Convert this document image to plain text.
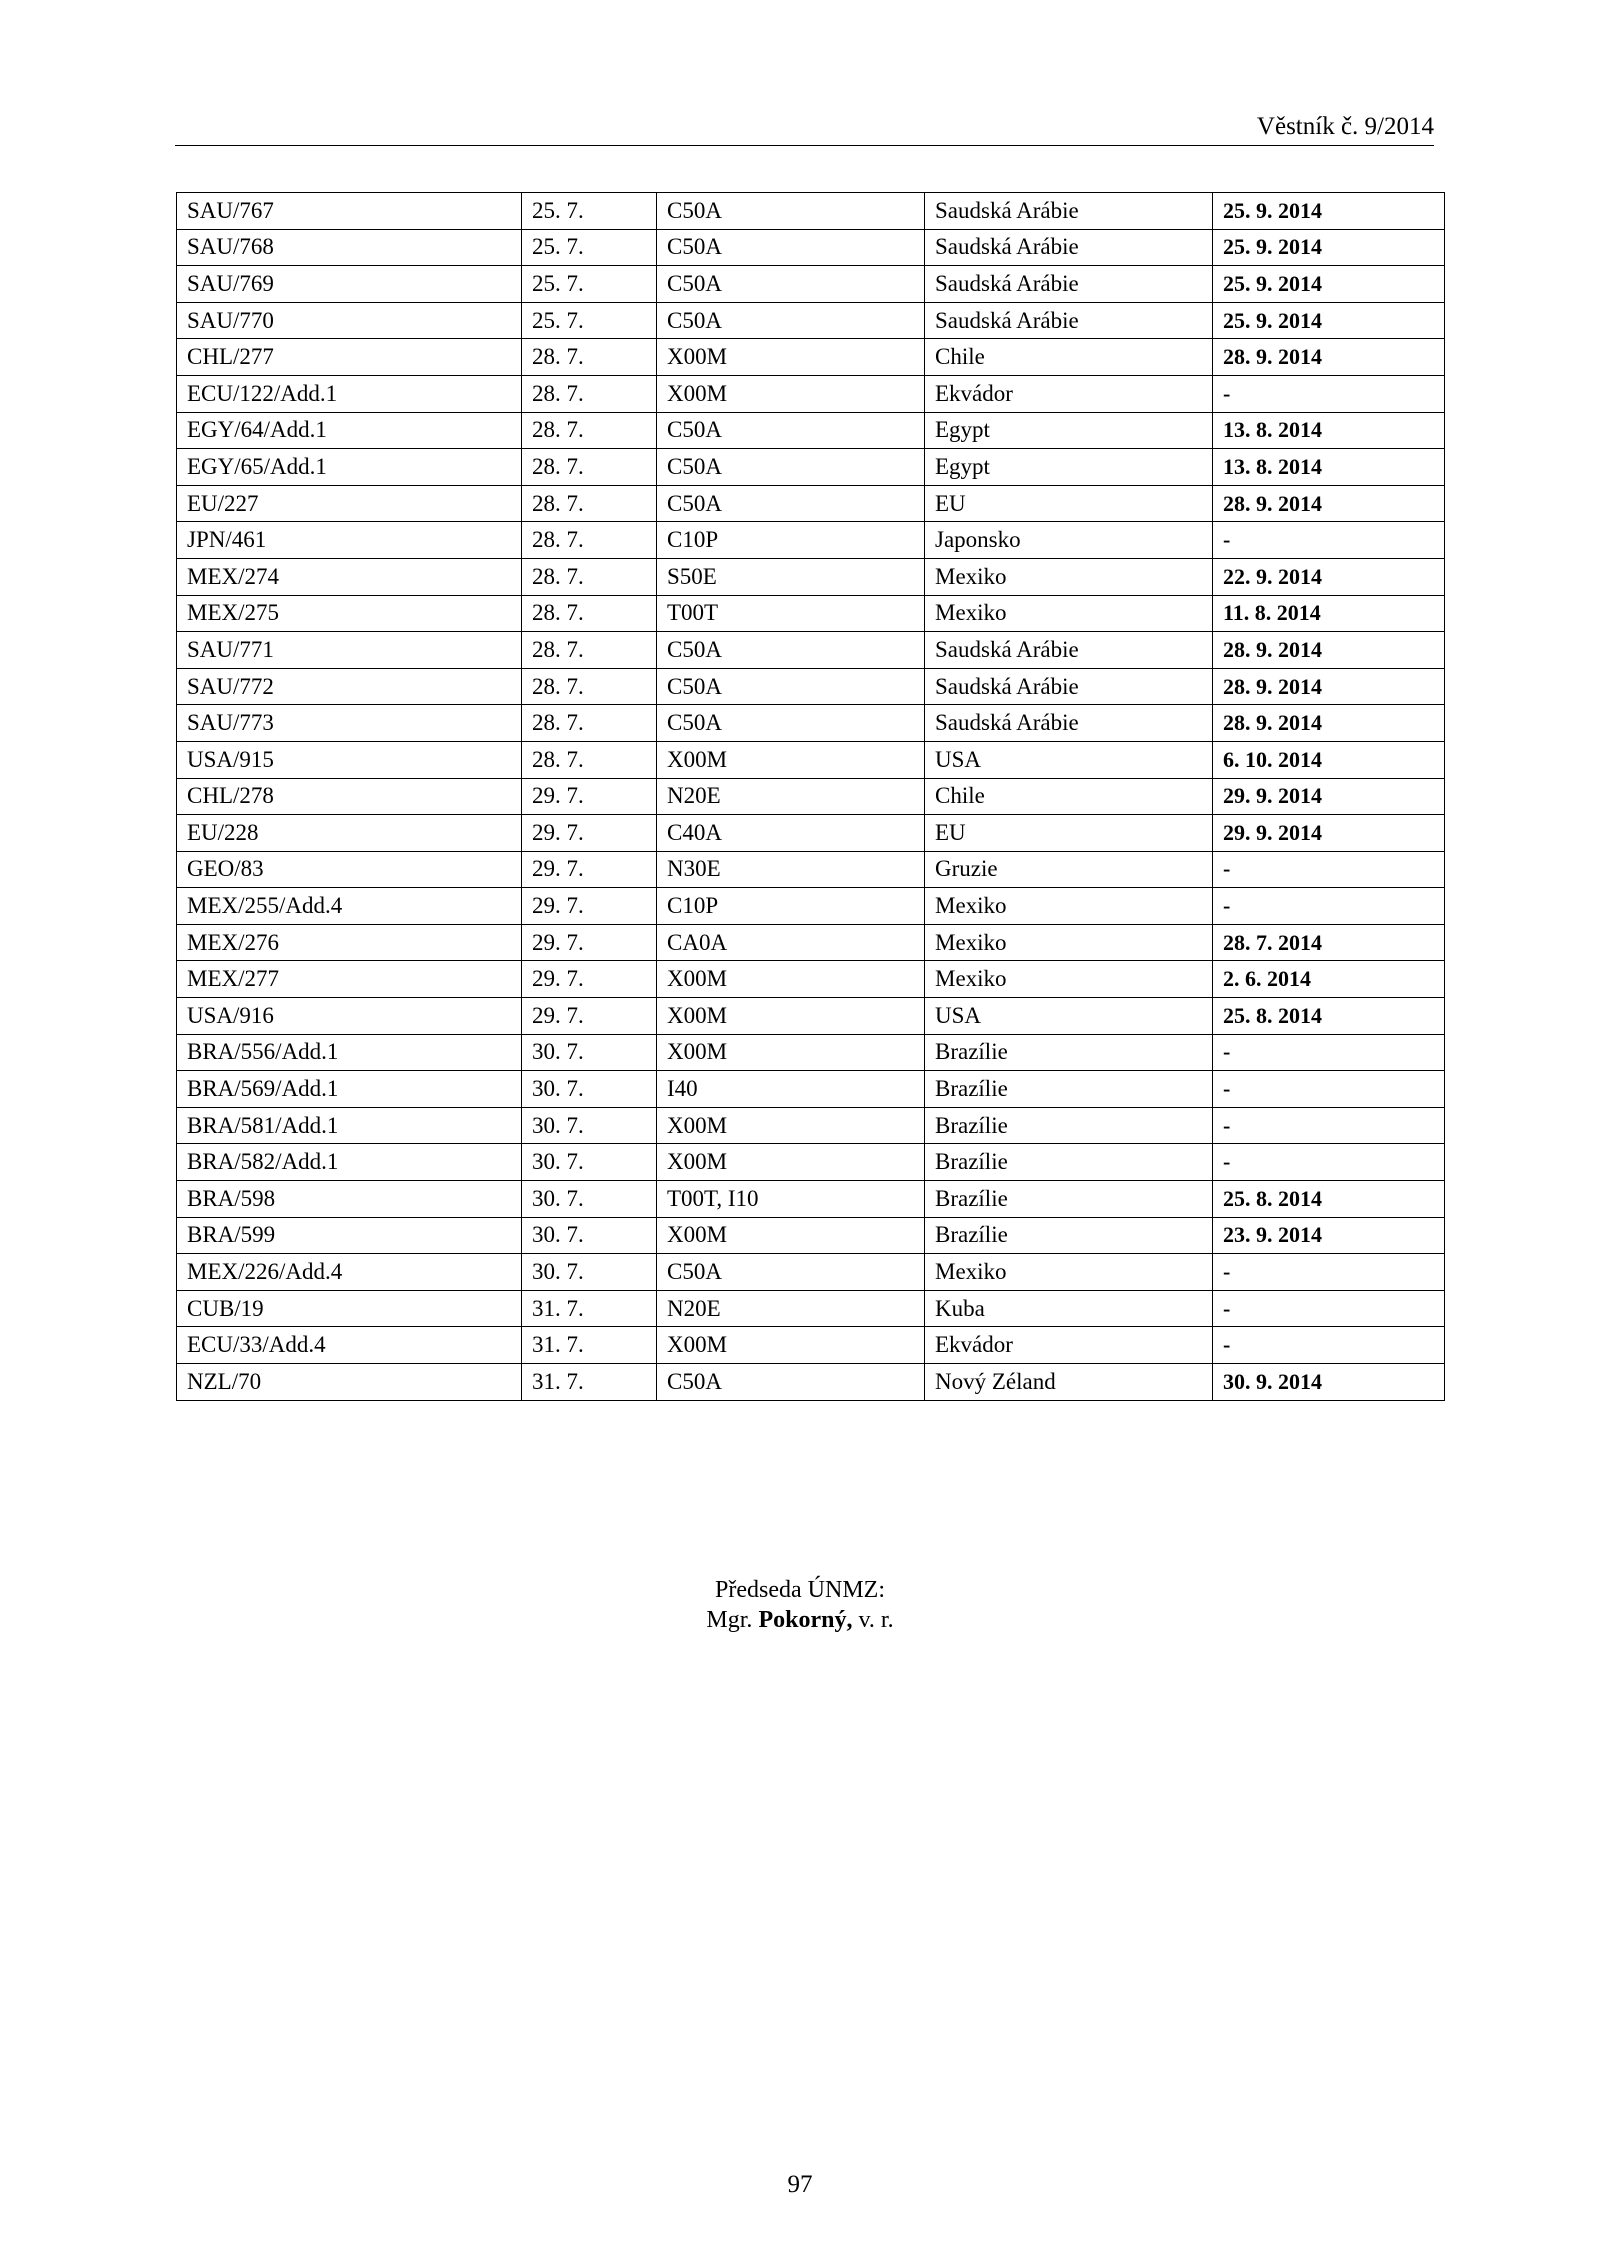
Věstník č. 9/2014
SAU/767	25. 7.	C50A	Saudská Arábie	25. 9. 2014
SAU/768	25. 7.	C50A	Saudská Arábie	25. 9. 2014
SAU/769	25. 7.	C50A	Saudská Arábie	25. 9. 2014
SAU/770	25. 7.	C50A	Saudská Arábie	25. 9. 2014
CHL/277	28. 7.	X00M	Chile	28. 9. 2014
ECU/122/Add.1	28. 7.	X00M	Ekvádor	-
EGY/64/Add.1	28. 7.	C50A	Egypt	13. 8. 2014
EGY/65/Add.1	28. 7.	C50A	Egypt	13. 8. 2014
EU/227	28. 7.	C50A	EU	28. 9. 2014
JPN/461	28. 7.	C10P	Japonsko	-
MEX/274	28. 7.	S50E	Mexiko	22. 9. 2014
MEX/275	28. 7.	T00T	Mexiko	11. 8. 2014
SAU/771	28. 7.	C50A	Saudská Arábie	28. 9. 2014
SAU/772	28. 7.	C50A	Saudská Arábie	28. 9. 2014
SAU/773	28. 7.	C50A	Saudská Arábie	28. 9. 2014
USA/915	28. 7.	X00M	USA	6. 10. 2014
CHL/278	29. 7.	N20E	Chile	29. 9. 2014
EU/228	29. 7.	C40A	EU	29. 9. 2014
GEO/83	29. 7.	N30E	Gruzie	-
MEX/255/Add.4	29. 7.	C10P	Mexiko	-
MEX/276	29. 7.	CA0A	Mexiko	28. 7. 2014
MEX/277	29. 7.	X00M	Mexiko	2. 6. 2014
USA/916	29. 7.	X00M	USA	25. 8. 2014
BRA/556/Add.1	30. 7.	X00M	Brazílie	-
BRA/569/Add.1	30. 7.	I40	Brazílie	-
BRA/581/Add.1	30. 7.	X00M	Brazílie	-
BRA/582/Add.1	30. 7.	X00M	Brazílie	-
BRA/598	30. 7.	T00T, I10	Brazílie	25. 8. 2014
BRA/599	30. 7.	X00M	Brazílie	23. 9. 2014
MEX/226/Add.4	30. 7.	C50A	Mexiko	-
CUB/19	31. 7.	N20E	Kuba	-
ECU/33/Add.4	31. 7.	X00M	Ekvádor	-
NZL/70	31. 7.	C50A	Nový Zéland	30. 9. 2014
Předseda ÚNMZ:
Mgr. Pokorný, v. r.
97
